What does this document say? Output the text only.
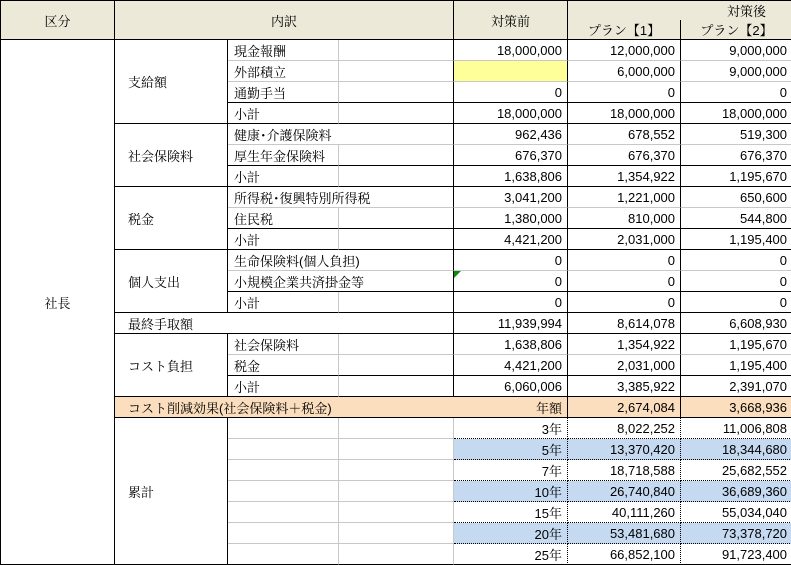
区分	内訳			対策前	対策後	
					プラン【1】	プラン【2】
社長	支給額	現金報酬		18,000,000	12,000,000	9,000,000
		外部積立			6,000,000	9,000,000
		通勤手当		0	0	0
		小計		18,000,000	18,000,000	18,000,000
	社会保険料	健康･介護保険料		962,436	678,552	519,300
		厚生年金保険料		676,370	676,370	676,370
		小計		1,638,806	1,354,922	1,195,670
	税金	所得税･復興特別所得税		3,041,200	1,221,000	650,600
		住民税		1,380,000	810,000	544,800
		小計		4,421,200	2,031,000	1,195,400
	個人支出	生命保険料(個人負担)		0	0	0
		小規模企業共済掛金等		0	0	0
		小計		0	0	0
	最終手取額			11,939,994	8,614,078	6,608,930
	コスト負担	社会保険料		1,638,806	1,354,922	1,195,670
		税金		4,421,200	2,031,000	1,195,400
		小計		6,060,006	3,385,922	2,391,070
	コスト削減効果(社会保険料＋税金)			年額	2,674,084	3,668,936
	累計			3年	8,022,252	11,006,808
				5年	13,370,420	18,344,680
				7年	18,718,588	25,682,552
				10年	26,740,840	36,689,360
				15年	40,111,260	55,034,040
				20年	53,481,680	73,378,720
				25年	66,852,100	91,723,400
